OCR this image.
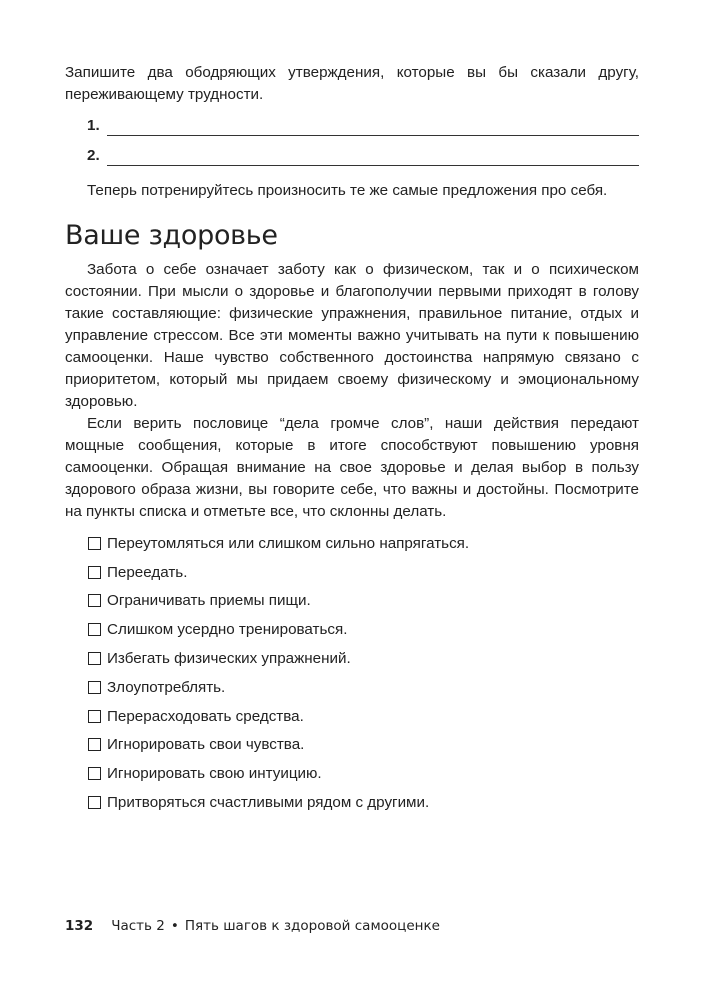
Запишите два ободряющих утверждения, которые вы бы сказали другу, переживающему трудности.

1.
2.

Теперь потренируйтесь произносить те же самые предложения про себя.

Ваше здоровье

Забота о себе означает заботу как о физическом, так и о психическом состоянии. При мысли о здоровье и благополучии первыми приходят в голову такие составляющие: физические упражнения, правильное питание, отдых и управление стрессом. Все эти моменты важно учитывать на пути к повышению самооценки. Наше чувство собственного достоинства напрямую связано с приоритетом, который мы придаем своему физическому и эмоциональному здоровью.

Если верить пословице “дела громче слов”, наши действия передают мощные сообщения, которые в итоге способствуют повышению уровня самооценки. Обращая внимание на свое здоровье и делая выбор в пользу здорового образа жизни, вы говорите себе, что важны и достойны. Посмотрите на пункты списка и отметьте все, что склонны делать.

Переутомляться или слишком сильно напрягаться.
Переедать.
Ограничивать приемы пищи.
Слишком усердно тренироваться.
Избегать физических упражнений.
Злоупотреблять.
Перерасходовать средства.
Игнорировать свои чувства.
Игнорировать свою интуицию.
Притворяться счастливыми рядом с другими.
132 Часть 2 • Пять шагов к здоровой самооценке
